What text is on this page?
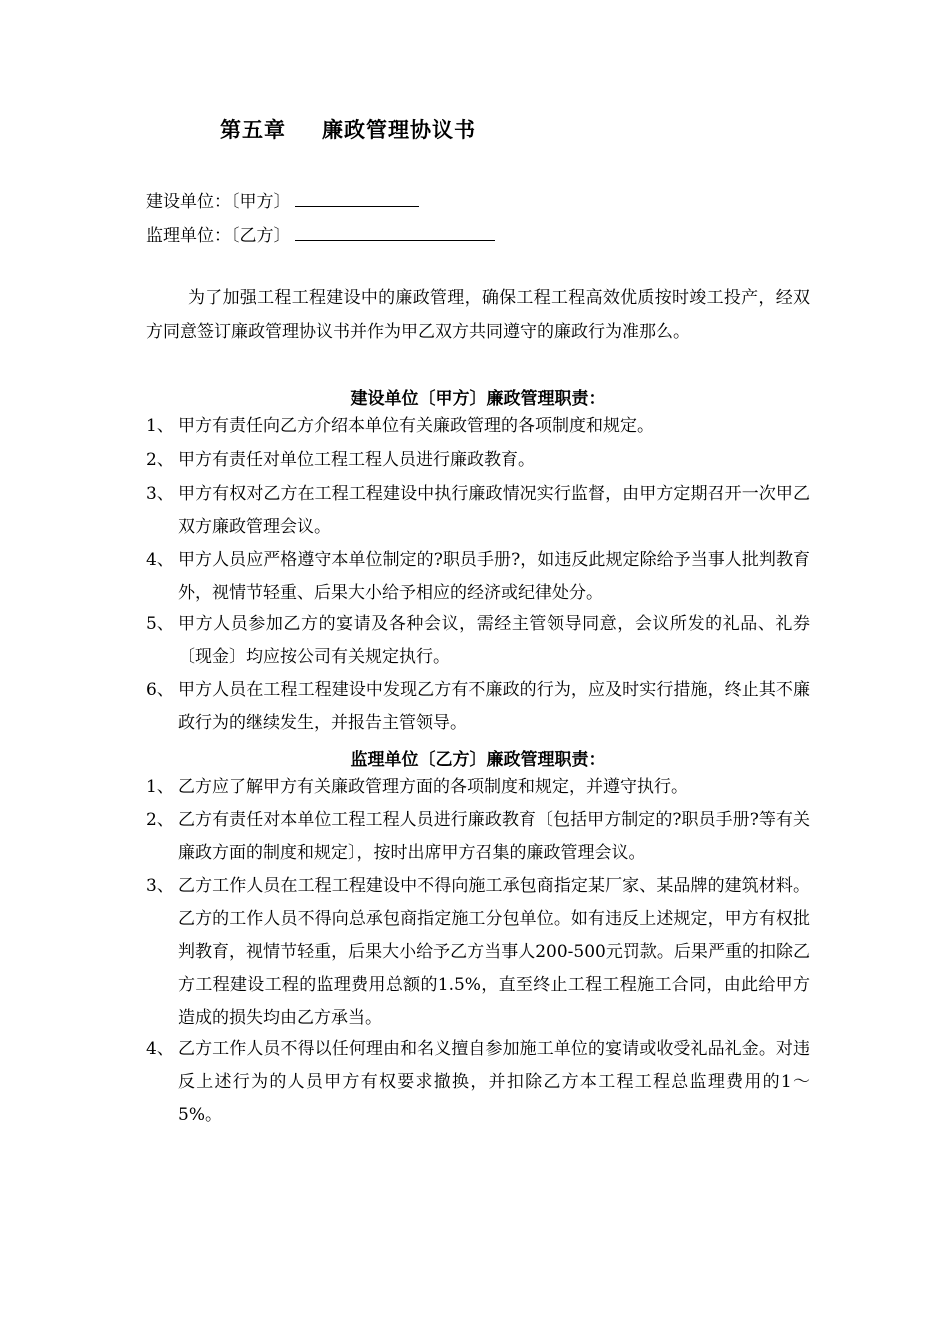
第五章 廉政管理协议书
建设单位：〔甲方〕
监理单位：〔乙方〕
为了加强工程工程建设中的廉政管理，确保工程工程高效优质按时竣工投产，经双方同意签订廉政管理协议书并作为甲乙双方共同遵守的廉政行为准那么。
建设单位〔甲方〕廉政管理职责：
1、 甲方有责任向乙方介绍本单位有关廉政管理的各项制度和规定。
2、 甲方有责任对单位工程工程人员进行廉政教育。
3、 甲方有权对乙方在工程工程建设中执行廉政情况实行监督，由甲方定期召开一次甲乙双方廉政管理会议。
4、 甲方人员应严格遵守本单位制定的?职员手册?，如违反此规定除给予当事人批判教育外，视情节轻重、后果大小给予相应的经济或纪律处分。
5、 甲方人员参加乙方的宴请及各种会议，需经主管领导同意，会议所发的礼品、礼券〔现金〕均应按公司有关规定执行。
6、 甲方人员在工程工程建设中发现乙方有不廉政的行为，应及时实行措施，终止其不廉政行为的继续发生，并报告主管领导。
监理单位〔乙方〕廉政管理职责：
1、 乙方应了解甲方有关廉政管理方面的各项制度和规定，并遵守执行。
2、 乙方有责任对本单位工程工程人员进行廉政教育〔包括甲方制定的?职员手册?等有关廉政方面的制度和规定〕，按时出席甲方召集的廉政管理会议。
3、 乙方工作人员在工程工程建设中不得向施工承包商指定某厂家、某品牌的建筑材料。乙方的工作人员不得向总承包商指定施工分包单位。如有违反上述规定，甲方有权批判教育，视情节轻重，后果大小给予乙方当事人200-500元罚款。后果严重的扣除乙方工程建设工程的监理费用总额的1.5%，直至终止工程工程施工合同，由此给甲方造成的损失均由乙方承当。
4、 乙方工作人员不得以任何理由和名义擅自参加施工单位的宴请或收受礼品礼金。对违反上述行为的人员甲方有权要求撤换，并扣除乙方本工程工程总监理费用的1～5%。
